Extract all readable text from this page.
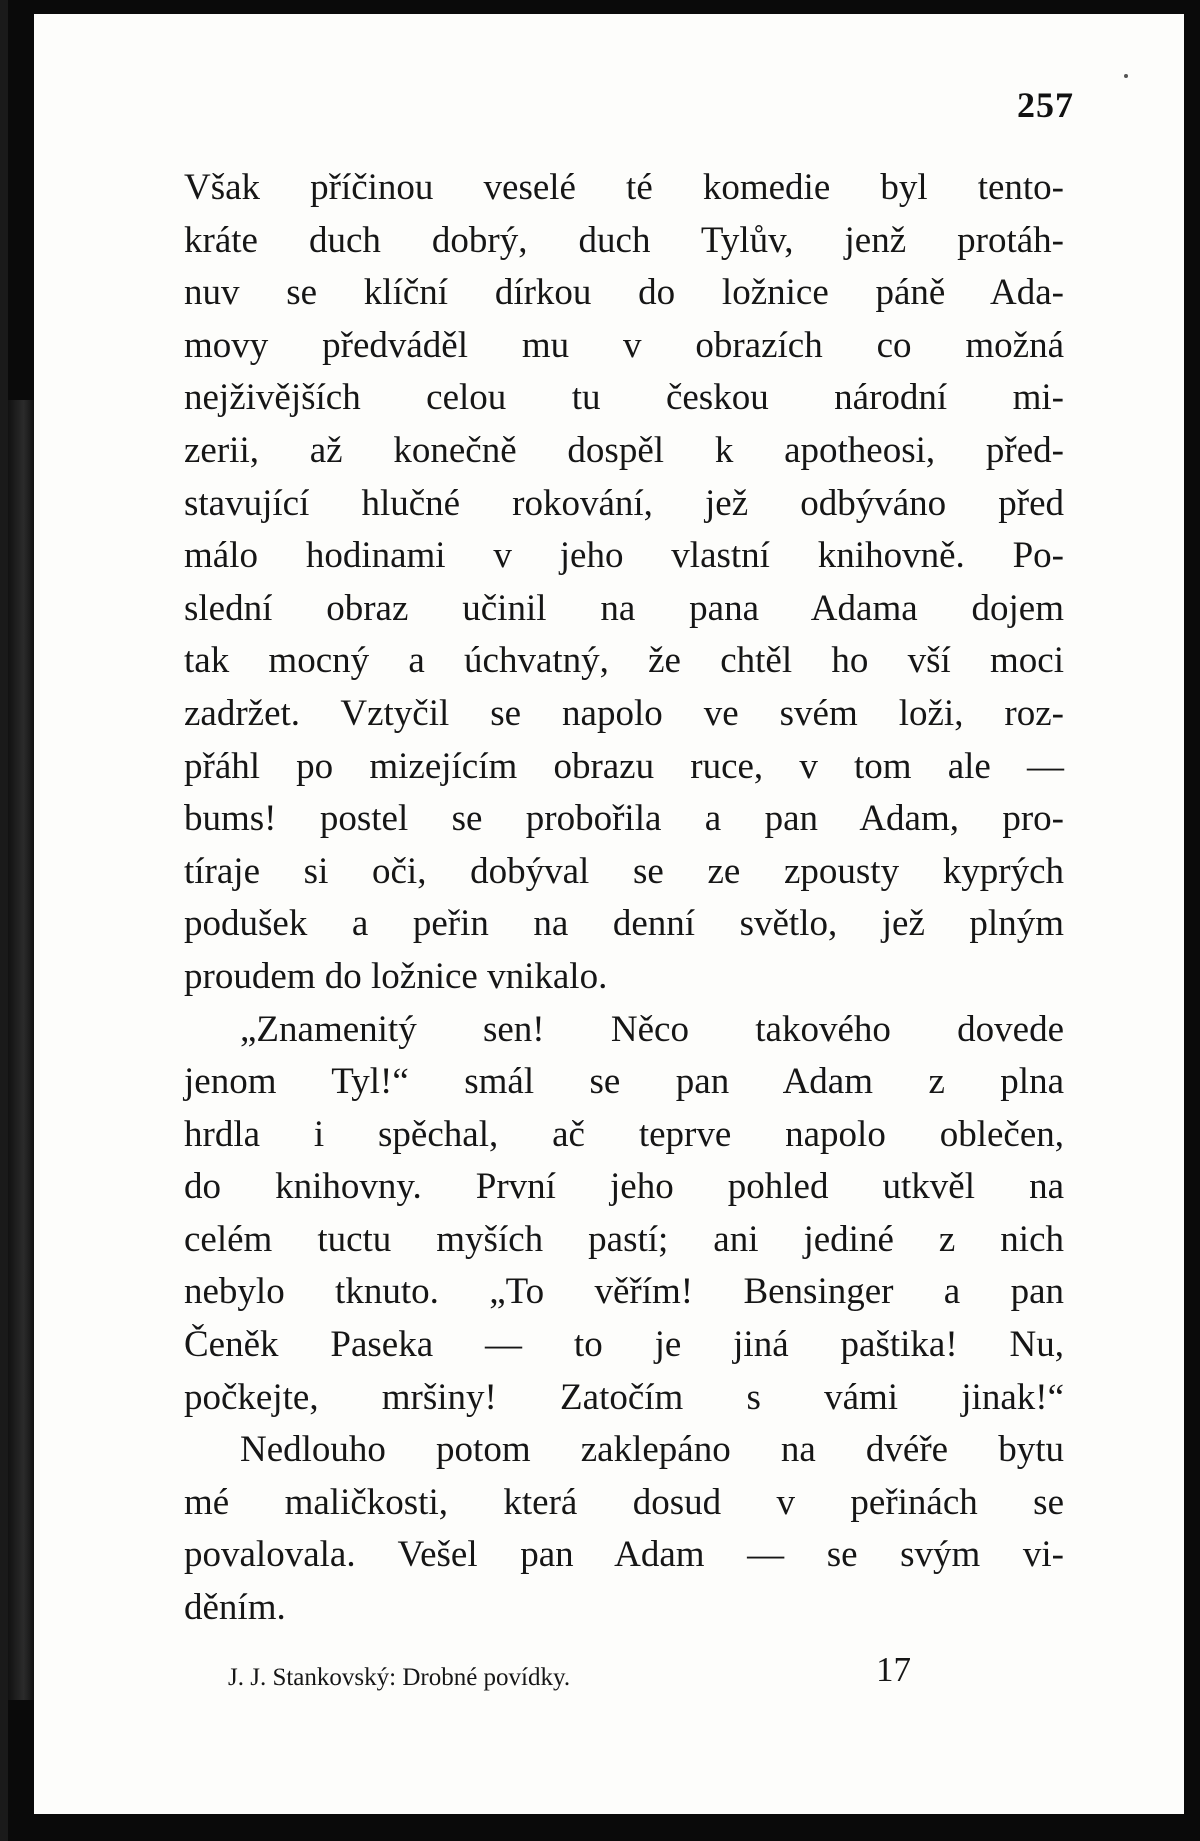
257
Však příčinou veselé té komedie byl tento-
kráte duch dobrý, duch Tylův, jenž protáh-
nuv se klíční dírkou do ložnice páně Ada-
movy předváděl mu v obrazích co možná
nejživějších celou tu českou národní mi-
zerii, až konečně dospěl k apotheosi, před-
stavující hlučné rokování, jež odbýváno před
málo hodinami v jeho vlastní knihovně. Po-
slední obraz učinil na pana Adama dojem
tak mocný a úchvatný, že chtěl ho vší moci
zadržet. Vztyčil se napolo ve svém loži, roz-
přáhl po mizejícím obrazu ruce, v tom ale —
bums! postel se probořila a pan Adam, pro-
tíraje si oči, dobýval se ze zpousty kyprých
podušek a peřin na denní světlo, jež plným
proudem do ložnice vnikalo.
„Znamenitý sen! Něco takového dovede
jenom Tyl!“ smál se pan Adam z plna
hrdla i spěchal, ač teprve napolo oblečen,
do knihovny. První jeho pohled utkvěl na
celém tuctu myších pastí; ani jediné z nich
nebylo tknuto. „To věřím! Bensinger a pan
Čeněk Paseka — to je jiná paštika! Nu,
počkejte, mršiny! Zatočím s vámi jinak!“
Nedlouho potom zaklepáno na dvéře bytu
mé maličkosti, která dosud v peřinách se
povalovala. Vešel pan Adam — se svým vi-
děním.
J. J. Stankovský: Drobné povídky.	17
